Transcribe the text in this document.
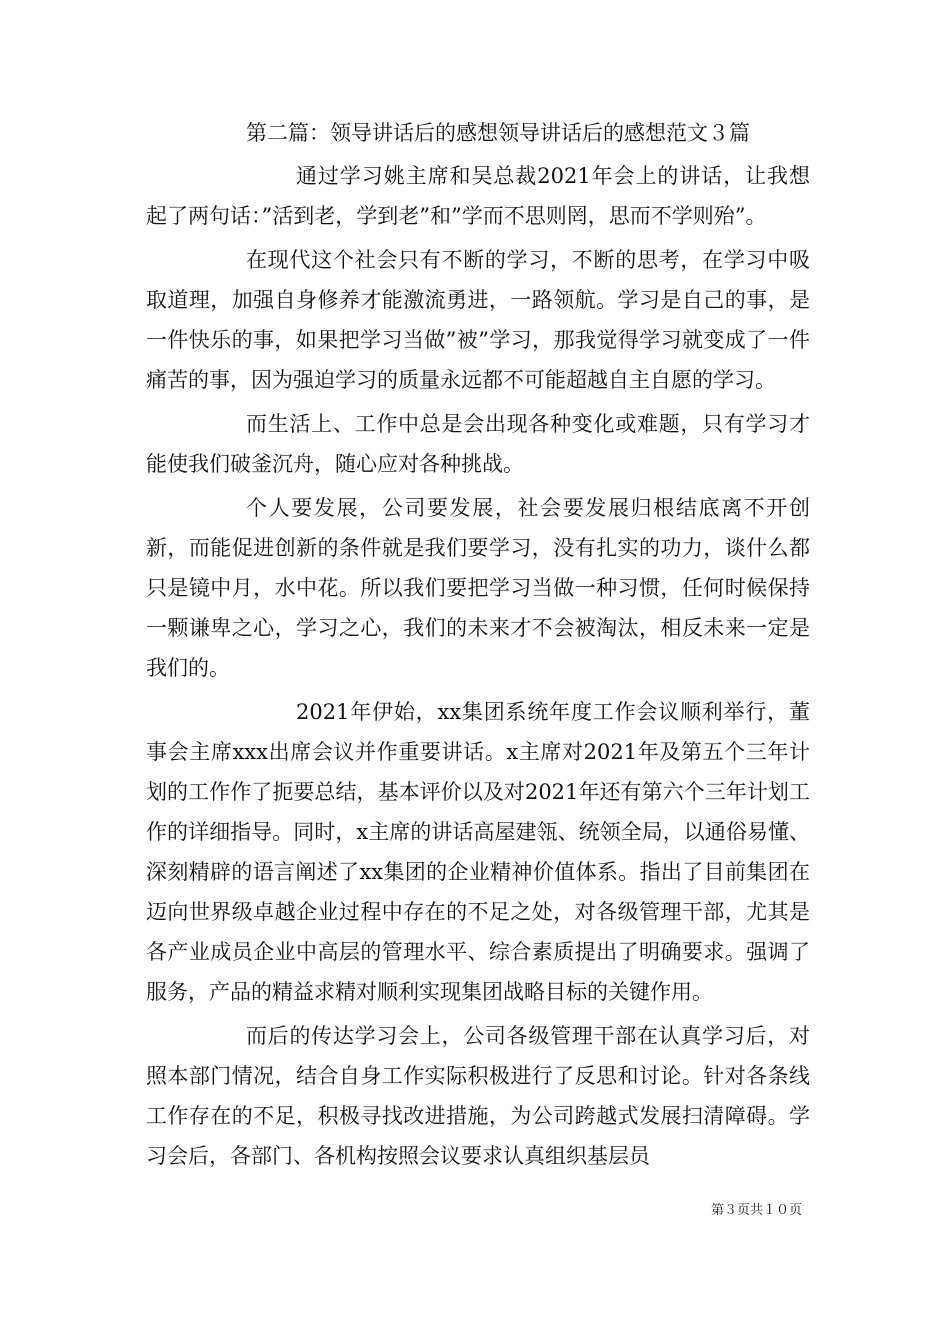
第二篇：领导讲话后的感想领导讲话后的感想范文３篇

通过学习姚主席和吴总裁2021年会上的讲话，让我想起了两句话：”活到老，学到老”和”学而不思则罔，思而不学则殆”。

在现代这个社会只有不断的学习，不断的思考，在学习中吸取道理，加强自身修养才能激流勇进，一路领航。学习是自己的事，是一件快乐的事，如果把学习当做”被”学习，那我觉得学习就变成了一件痛苦的事，因为强迫学习的质量永远都不可能超越自主自愿的学习。

而生活上、工作中总是会出现各种变化或难题，只有学习才能使我们破釜沉舟，随心应对各种挑战。

个人要发展，公司要发展，社会要发展归根结底离不开创新，而能促进创新的条件就是我们要学习，没有扎实的功力，谈什么都只是镜中月，水中花。所以我们要把学习当做一种习惯，任何时候保持一颗谦卑之心，学习之心，我们的未来才不会被淘汰，相反未来一定是我们的。

2021年伊始，xx集团系统年度工作会议顺利举行，董事会主席xxx出席会议并作重要讲话。x主席对2021年及第五个三年计划的工作作了扼要总结，基本评价以及对2021年还有第六个三年计划工作的详细指导。同时，x主席的讲话高屋建瓴、统领全局，以通俗易懂、深刻精辟的语言阐述了xx集团的企业精神价值体系。指出了目前集团在迈向世界级卓越企业过程中存在的不足之处，对各级管理干部，尤其是各产业成员企业中高层的管理水平、综合素质提出了明确要求。强调了服务，产品的精益求精对顺利实现集团战略目标的关键作用。

而后的传达学习会上，公司各级管理干部在认真学习后，对照本部门情况，结合自身工作实际积极进行了反思和讨论。针对各条线工作存在的不足，积极寻找改进措施，为公司跨越式发展扫清障碍。学习会后，各部门、各机构按照会议要求认真组织基层员

第３页共１０页
